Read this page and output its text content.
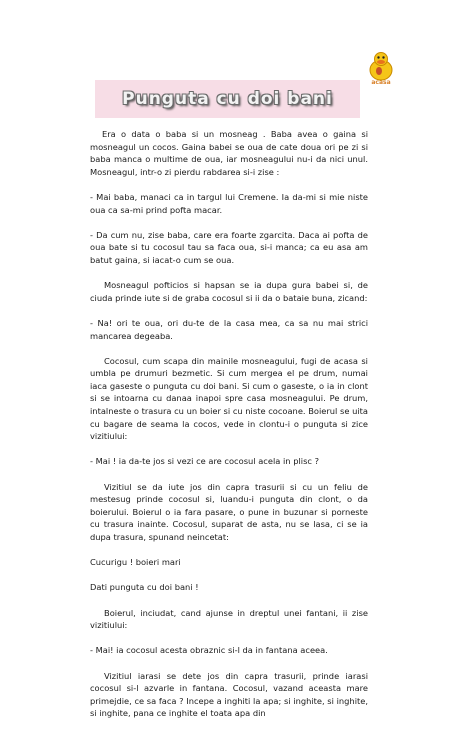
acasa
Punguta cu doi bani

Era o data o baba si un mosneag . Baba avea o gaina si mosneagul un cocos. Gaina babei se oua de cate doua ori pe zi si baba manca o multime de oua, iar mosneagului nu-i da nici unul. Mosneagul, intr-o zi pierdu rabdarea si-i zise :

- Mai baba, manaci ca in targul lui Cremene. Ia da-mi si mie niste oua ca sa-mi prind pofta macar.

- Da cum nu, zise baba, care era foarte zgarcita. Daca ai pofta de oua bate si tu cocosul tau sa faca oua, si-i manca; ca eu asa am batut gaina, si iacat-o cum se oua.

Mosneagul pofticios si hapsan se ia dupa gura babei si, de ciuda prinde iute si de graba cocosul si ii da o bataie buna, zicand:

- Na! ori te oua, ori du-te de la casa mea, ca sa nu mai strici mancarea degeaba.

Cocosul, cum scapa din mainile mosneagului, fugi de acasa si umbla pe drumuri bezmetic. Si cum mergea el pe drum, numai iaca gaseste o punguta cu doi bani. Si cum o gaseste, o ia in clont si se intoarna cu danaa inapoi spre casa mosneagului. Pe drum, intalneste o trasura cu un boier si cu niste cocoane. Boierul se uita cu bagare de seama la cocos, vede in clontu-i o punguta si zice vizitiului:

- Mai ! ia da-te jos si vezi ce are cocosul acela in plisc ?

Vizitiul se da iute jos din capra trasurii si cu un feliu de mestesug prinde cocosul si, luandu-i punguta din clont, o da boierului. Boierul o ia fara pasare, o pune in buzunar si porneste cu trasura inainte. Cocosul, suparat de asta, nu se lasa, ci se ia dupa trasura, spunand neincetat:

Cucurigu ! boieri mari

Dati punguta cu doi bani !

Boierul, inciudat, cand ajunse in dreptul unei fantani, ii zise vizitiului:

- Mai! ia cocosul acesta obraznic si-l da in fantana aceea.

Vizitiul iarasi se dete jos din capra trasurii, prinde iarasi cocosul si-l azvarle in fantana. Cocosul, vazand aceasta mare primejdie, ce sa faca ? Incepe a inghiti la apa; si inghite, si inghite, si inghite, pana ce inghite el toata apa din
